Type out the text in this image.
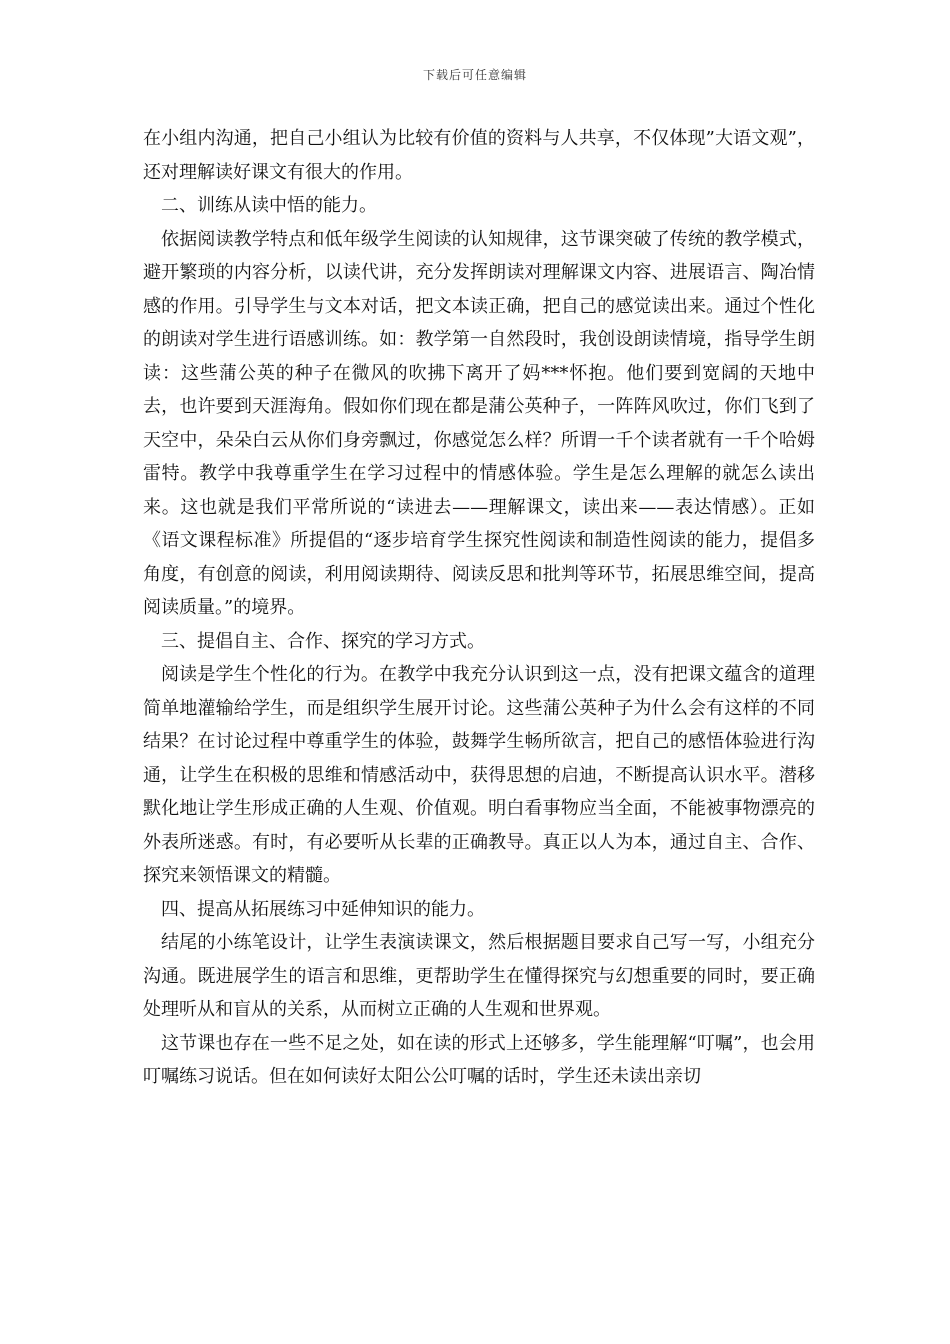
下载后可任意编辑

在小组内沟通，把自己小组认为比较有价值的资料与人共享，不仅体现”大语文观”，还对理解读好课文有很大的作用。

二、训练从读中悟的能力。

依据阅读教学特点和低年级学生阅读的认知规律，这节课突破了传统的教学模式，避开繁琐的内容分析，以读代讲，充分发挥朗读对理解课文内容、进展语言、陶冶情感的作用。引导学生与文本对话，把文本读正确，把自己的感觉读出来。通过个性化的朗读对学生进行语感训练。如：教学第一自然段时，我创设朗读情境，指导学生朗读：这些蒲公英的种子在微风的吹拂下离开了妈***怀抱。他们要到宽阔的天地中去，也许要到天涯海角。假如你们现在都是蒲公英种子，一阵阵风吹过，你们飞到了天空中，朵朵白云从你们身旁飘过，你感觉怎么样？所谓一千个读者就有一千个哈姆雷特。教学中我尊重学生在学习过程中的情感体验。学生是怎么理解的就怎么读出来。这也就是我们平常所说的“读进去——理解课文，读出来——表达情感）。正如《语文课程标准》所提倡的“逐步培育学生探究性阅读和制造性阅读的能力，提倡多角度，有创意的阅读，利用阅读期待、阅读反思和批判等环节，拓展思维空间，提高阅读质量。”的境界。

三、提倡自主、合作、探究的学习方式。

阅读是学生个性化的行为。在教学中我充分认识到这一点，没有把课文蕴含的道理简单地灌输给学生，而是组织学生展开讨论。这些蒲公英种子为什么会有这样的不同结果？在讨论过程中尊重学生的体验，鼓舞学生畅所欲言，把自己的感悟体验进行沟通，让学生在积极的思维和情感活动中，获得思想的启迪，不断提高认识水平。潜移默化地让学生形成正确的人生观、价值观。明白看事物应当全面，不能被事物漂亮的外表所迷惑。有时，有必要听从长辈的正确教导。真正以人为本，通过自主、合作、探究来领悟课文的精髓。

四、提高从拓展练习中延伸知识的能力。

结尾的小练笔设计，让学生表演读课文，然后根据题目要求自己写一写，小组充分沟通。既进展学生的语言和思维，更帮助学生在懂得探究与幻想重要的同时，要正确处理听从和盲从的关系，从而树立正确的人生观和世界观。

这节课也存在一些不足之处，如在读的形式上还够多，学生能理解“叮嘱”，也会用叮嘱练习说话。但在如何读好太阳公公叮嘱的话时，学生还未读出亲切
